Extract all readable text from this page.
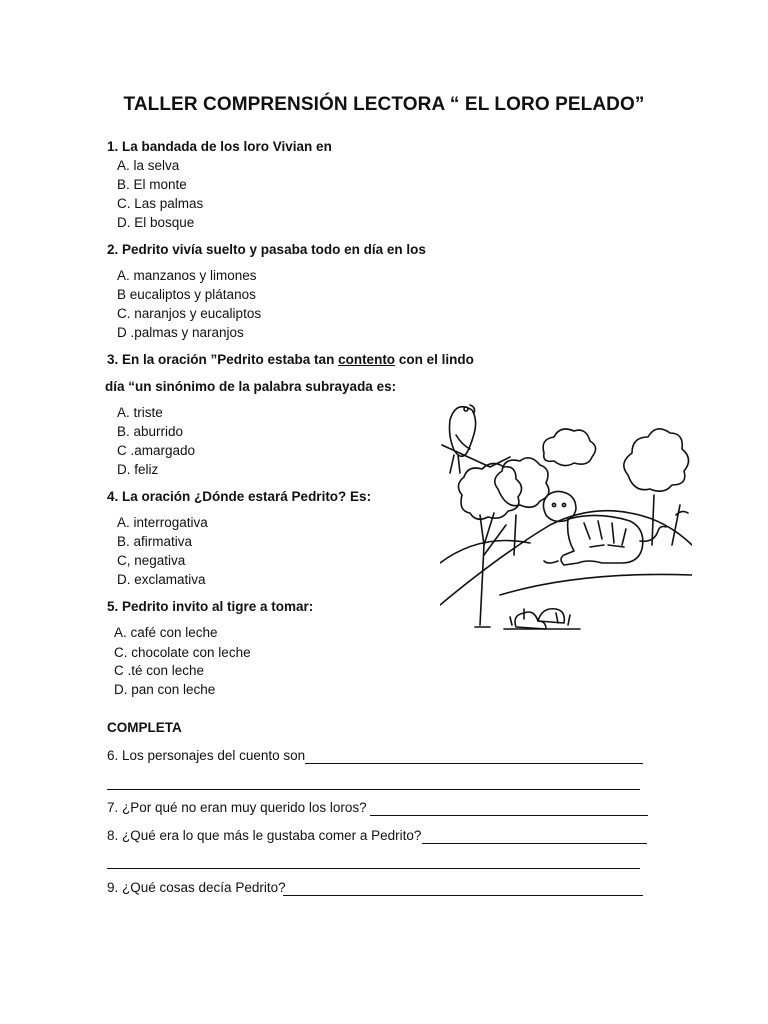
TALLER COMPRENSIÓN LECTORA “ EL LORO PELADO”
1. La bandada de los loro Vivian en
A. la selva
B. El monte
C. Las palmas
D. El bosque
2. Pedrito vivía suelto y pasaba todo en día en los
A. manzanos y limones
B eucaliptos y plátanos
C. naranjos y eucaliptos
D .palmas y naranjos
3. En la oración ”Pedrito estaba tan contento con el lindo
día “un sinónimo de la palabra subrayada es:
A. triste
B. aburrido
C .amargado
D. feliz
4. La oración ¿Dónde estará Pedrito? Es:
A. interrogativa
B. afirmativa
C, negativa
D. exclamativa
5. Pedrito invito al tigre a tomar:
A. café con leche
C. chocolate con leche
C .té con leche
D. pan con leche
COMPLETA
6. Los personajes del cuento son
7. ¿Por qué no eran muy querido los loros?
8. ¿Qué era lo que más le gustaba comer a Pedrito?
9. ¿Qué cosas decía Pedrito?
